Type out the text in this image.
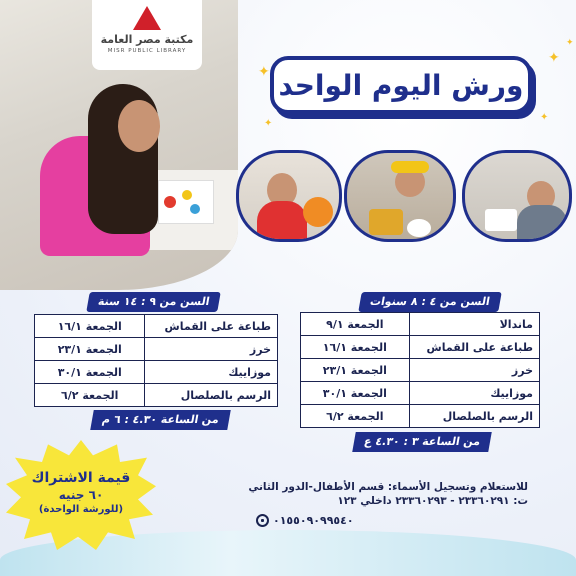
مكتبة مصر العامة
MISR PUBLIC LIBRARY
✦
✦
✦
✦
ورش اليوم الواحد
✦
السن من ٩ : ١٤ سنة
طباعة على القماش	الجمعة ١٦/١
خرز	الجمعة ٢٣/١
موزاييك	الجمعة ٣٠/١
الرسم بالصلصال	الجمعة ٦/٢
من الساعة ٤.٣٠ : ٦ م
السن من ٤ : ٨ سنوات
ماندالا	الجمعة ٩/١
طباعة على القماش	الجمعة ١٦/١
خرز	الجمعة ٢٣/١
موزاييك	الجمعة ٣٠/١
الرسم بالصلصال	الجمعة ٦/٢
من الساعة ٣ : ٤.٣٠ ع
للاستعلام وتسجيل الأسماء: قسم الأطفال-الدور الثاني
ت: ٢٣٣٦٠٢٩١ - ٢٣٣٦٠٢٩٣ داخلي ١٢٣
٠١٥٥٠٩٠٩٩٥٤٠
قيمة الاشتراك
٦٠ جنيه
(للورشة الواحدة)
